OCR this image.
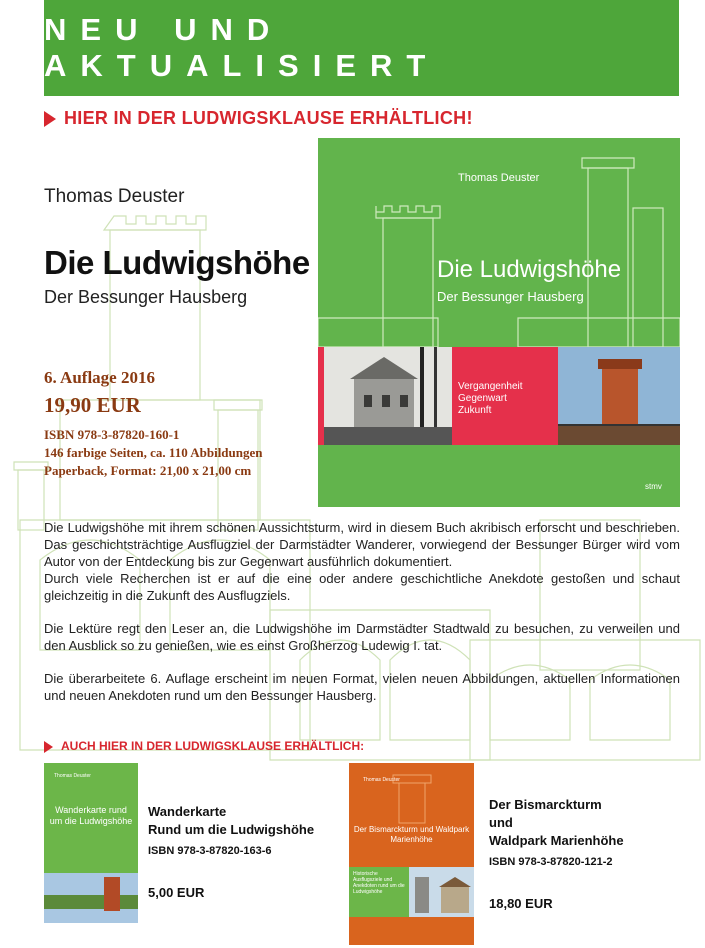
NEU UND AKTUALISIERT
HIER IN DER LUDWIGSKLAUSE ERHÄLTLICH!
Thomas Deuster
Die Ludwigshöhe
Der Bessunger Hausberg
6. Auflage 2016
19,90 EUR
ISBN 978-3-87820-160-1
146 farbige Seiten, ca. 110 Abbildungen
Paperback, Format: 21,00 x 21,00 cm
Thomas Deuster
Die Ludwigshöhe
Der Bessunger Hausberg
Vergangenheit
Gegenwart
Zukunft
stmv

Die Ludwigshöhe mit ihrem schönen Aussichtsturm, wird in diesem Buch akribisch erforscht und beschrieben. Das geschichtsträchtige Ausflugziel der Darmstädter Wanderer, vorwiegend der Bessunger Bürger wird vom Autor von der Entdeckung bis zur Gegenwart ausführlich dokumentiert.
Durch viele Recherchen ist er auf die eine oder andere geschichtliche Anekdote gestoßen und schaut gleichzeitig in die Zukunft des Ausflugziels.

Die Lektüre regt den Leser an, die Ludwigshöhe im Darmstädter Stadtwald zu besuchen, zu verweilen und den Ausblick so zu genießen, wie es einst Großherzog Ludewig I. tat.

Die überarbeitete 6. Auflage erscheint im neuen Format, vielen neuen Abbildungen, aktuellen Informationen und neuen Anekdoten rund um den Bessunger Hausberg.

AUCH HIER IN DER LUDWIGSKLAUSE ERHÄLTLICH:
Thomas Deuster
Wanderkarte rund um die Ludwigshöhe
Wanderkarte
Rund um die Ludwigshöhe
ISBN 978-3-87820-163-6
5,00 EUR
Thomas Deuster
Der Bismarckturm und Waldpark Marienhöhe
Historische Ausflugsziele und Anekdoten rund um die Ludwigshöhe
Der Bismarckturm
und
Waldpark Marienhöhe
ISBN 978-3-87820-121-2
18,80 EUR
